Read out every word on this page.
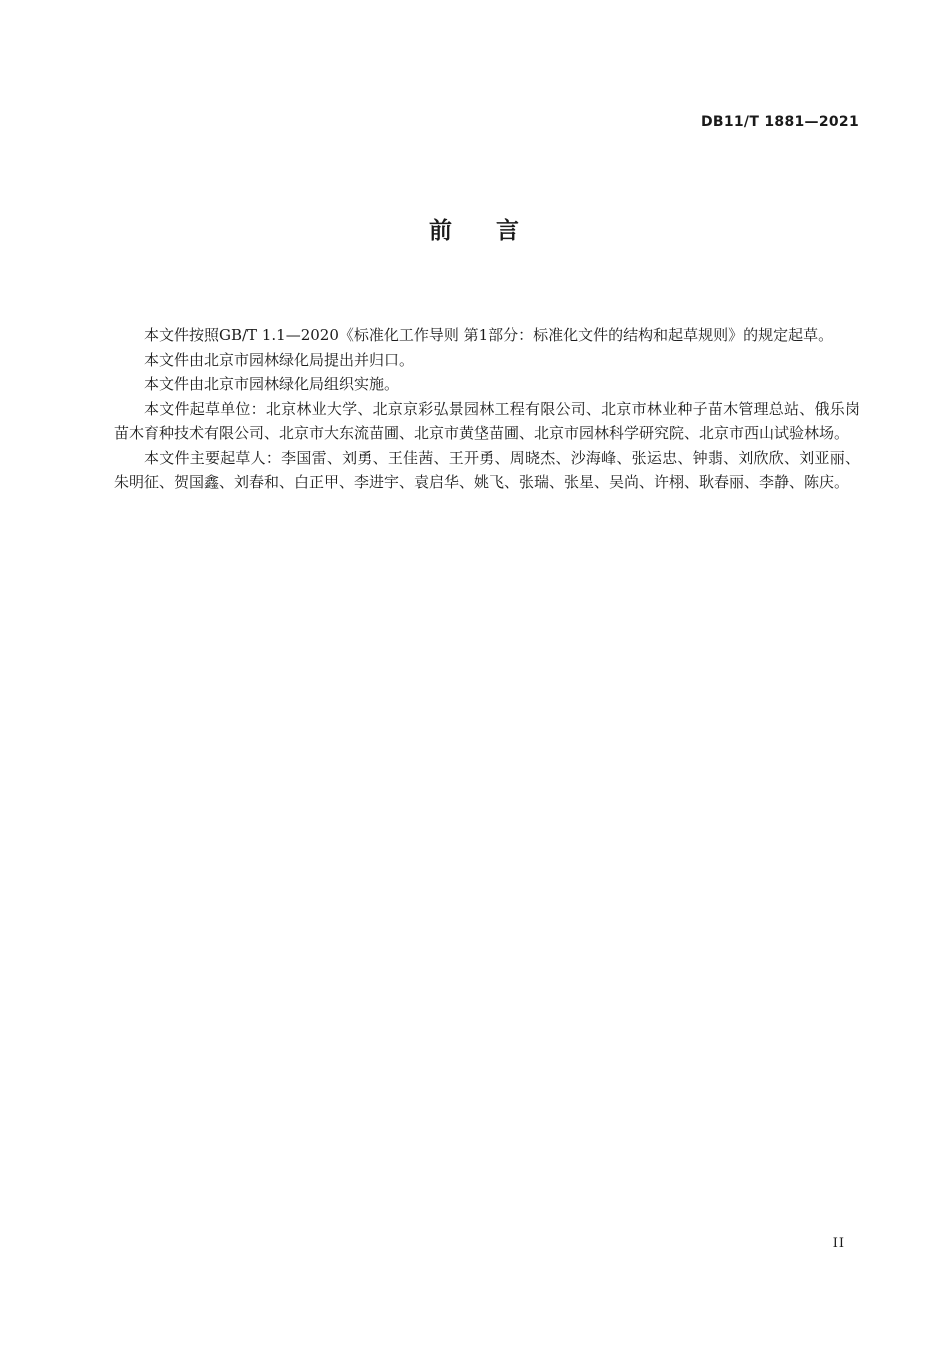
DB11/T 1881—2021
前 言

本文件按照GB/T 1.1—2020《标准化工作导则 第1部分：标准化文件的结构和起草规则》的规定起草。

本文件由北京市园林绿化局提出并归口。

本文件由北京市园林绿化局组织实施。

本文件起草单位：北京林业大学、北京京彩弘景园林工程有限公司、北京市林业种子苗木管理总站、俄乐岗苗木育种技术有限公司、北京市大东流苗圃、北京市黄垡苗圃、北京市园林科学研究院、北京市西山试验林场。

本文件主要起草人：李国雷、刘勇、王佳茜、王开勇、周晓杰、沙海峰、张运忠、钟翡、刘欣欣、刘亚丽、朱明征、贺国鑫、刘春和、白正甲、李进宇、袁启华、姚飞、张瑞、张星、吴尚、许栩、耿春丽、李静、陈庆。

II
